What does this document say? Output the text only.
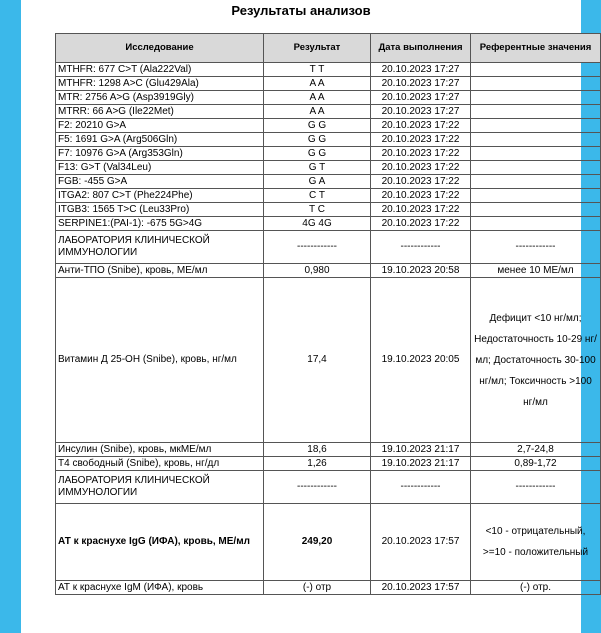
Результаты анализов
Исследование	Результат	Дата выполнения	Референтные значения
MTHFR: 677 C>T (Ala222Val)	T T	20.10.2023 17:27	
MTHFR: 1298 A>C (Glu429Ala)	A A	20.10.2023 17:27	
MTR: 2756 A>G (Asp3919Gly)	A A	20.10.2023 17:27	
MTRR: 66 A>G (Ile22Met)	A A	20.10.2023 17:27	
F2: 20210 G>A	G G	20.10.2023 17:22	
F5: 1691 G>A (Arg506Gln)	G G	20.10.2023 17:22	
F7: 10976 G>A (Arg353Gln)	G G	20.10.2023 17:22	
F13: G>T (Val34Leu)	G T	20.10.2023 17:22	
FGB: -455 G>A	G A	20.10.2023 17:22	
ITGA2: 807 C>T (Phe224Phe)	C T	20.10.2023 17:22	
ITGB3: 1565 T>C (Leu33Pro)	T C	20.10.2023 17:22	
SERPINE1:(PAI-1): -675 5G>4G	4G 4G	20.10.2023 17:22	
ЛАБОРАТОРИЯ КЛИНИЧЕСКОЙ ИММУНОЛОГИИ	------------	------------	------------
Анти-ТПО (Snibe), кровь, МЕ/мл	0,980	19.10.2023 20:58	менее 10 МЕ/мл
Витамин Д 25-ОН (Snibe), кровь, нг/мл	17,4	19.10.2023 20:05	Дефицит <10 нг/мл; Недостаточность 10-29 нг/мл; Достаточность 30-100 нг/мл; Токсичность >100 нг/мл
Инсулин (Snibe), кровь, мкМЕ/мл	18,6	19.10.2023 21:17	2,7-24,8
Т4 свободный (Snibe), кровь, нг/дл	1,26	19.10.2023 21:17	0,89-1,72
ЛАБОРАТОРИЯ КЛИНИЧЕСКОЙ ИММУНОЛОГИИ	------------	------------	------------
АТ к краснухе IgG (ИФА), кровь, МЕ/мл	249,20	20.10.2023 17:57	<10 - отрицательный, >=10 - положительный
АТ к краснухе IgM (ИФА), кровь	(-) отр	20.10.2023 17:57	(-) отр.
